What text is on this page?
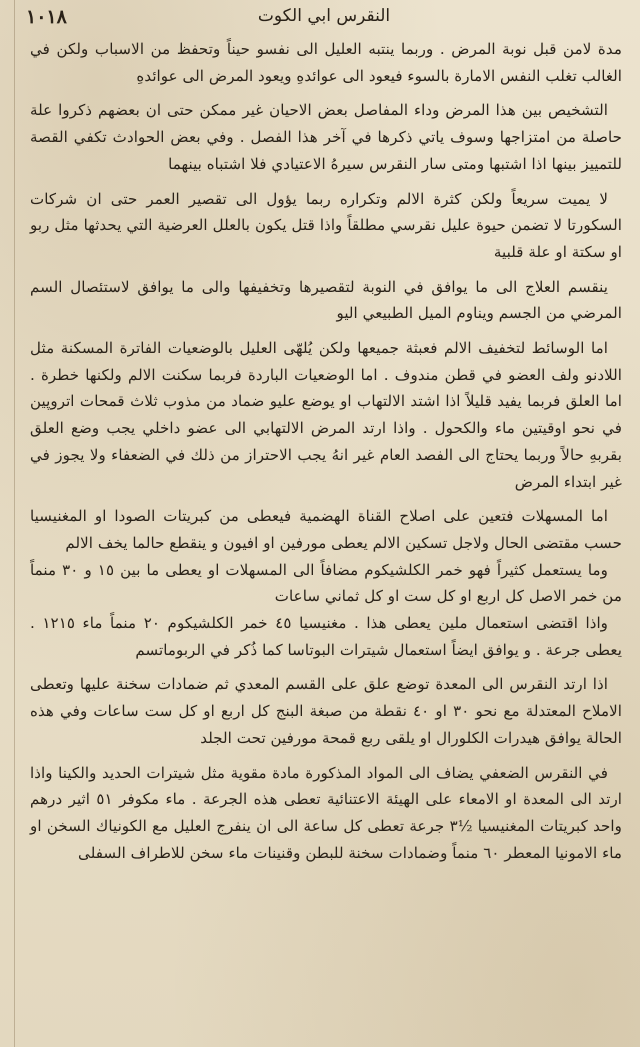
١٠١٨	النقرس ابي الكوت

مدة لامن قبل نوبة المرض . وربما ينتبه العليل الى نفسو حيناً وتحفظ من الاسباب ولكن في الغالب تغلب النفس الامارة بالسوء فيعود الى عوائدهِ ويعود المرض الى عوائدهِ

التشخيص بين هذا المرض وداء المفاصل بعض الاحيان غير ممكن حتى ان بعضهم ذكروا علة حاصلة من امتزاجها وسوف ياتي ذكرها في آخر هذا الفصل . وفي بعض الحوادث تكفي القصة للتمييز بينها اذا اشتبها ومتى سار النقرس سيرهُ الاعتيادي فلا اشتباه بينهما

لا يميت سريعاً ولكن كثرة الالم وتكراره ربما يؤول الى تقصير العمر حتى ان شركات السكورتا لا تضمن حيوة عليل نقرسي مطلقاً واذا قتل يكون بالعلل العرضية التي يحدثها مثل ربو او سكتة او علة قلبية

ينقسم العلاج الى ما يوافق في النوبة لتقصيرها وتخفيفها والى ما يوافق لاستئصال السم المرضي من الجسم ويناوم الميل الطبيعي اليو

اما الوسائط لتخفيف الالم فعبثة جميعها ولكن يُلهّى العليل بالوضعيات الفاترة المسكنة مثل اللادنو ولف العضو في قطن مندوف . اما الوضعيات الباردة فربما سكنت الالم ولكنها خطرة . اما العلق فربما يفيد قليلاً اذا اشتد الالتهاب او يوضع عليو ضماد من مذوب ثلاث قمحات اتروپين في نحو اوقيتين ماء والكحول . واذا ارتد المرض الالتهابي الى عضو داخلي يجب وضع العلق بقربهِ حالاً وربما يحتاج الى الفصد العام غير انهُ يجب الاحتراز من ذلك في الضعفاء ولا يجوز في غير ابتداء المرض

اما المسهلات فتعين على اصلاح القناة الهضمية فيعطى من كبريتات الصودا او المغنيسيا حسب مقتضى الحال ولاجل تسكين الالم يعطى مورفين او افيون و ينقطع حالما يخف الالم

وما يستعمل كثيراً فهو خمر الكلشيكوم مضافاً الى المسهلات او يعطى ما بين ١٥ و ٣٠ منماً من خمر الاصل كل اربع او كل ست او كل ثماني ساعات

واذا اقتضى استعمال ملين يعطى هذا . مغنيسيا ٤٥ خمر الكلشيكوم ٢٠ منماً ماء ١٢١٥ . يعطى جرعة . و يوافق ايضاً استعمال شيترات البوتاسا كما ذُكر في الربوماتسم

اذا ارتد النقرس الى المعدة توضع علق على القسم المعدي ثم ضمادات سخنة عليها وتعطى الاملاح المعتدلة مع نحو ٣٠ او ٤٠ نقطة من صبغة البنج كل اربع او كل ست ساعات وفي هذه الحالة يوافق هيدرات الكلورال او يلقى ربع قمحة مورفين تحت الجلد

في النقرس الضعفي يضاف الى المواد المذكورة مادة مقوية مثل شيترات الحديد والكينا واذا ارتد الى المعدة او الامعاء على الهيئة الاعتنائية تعطى هذه الجرعة . ماء مكوفر ٥١ اثير درهم واحد كبريتات المغنيسيا ½٣ جرعة تعطى كل ساعة الى ان ينفرج العليل مع الكونياك السخن او ماء الامونيا المعطر ٦٠ منماً وضمادات سخنة للبطن وقنينات ماء سخن للاطراف السفلى
